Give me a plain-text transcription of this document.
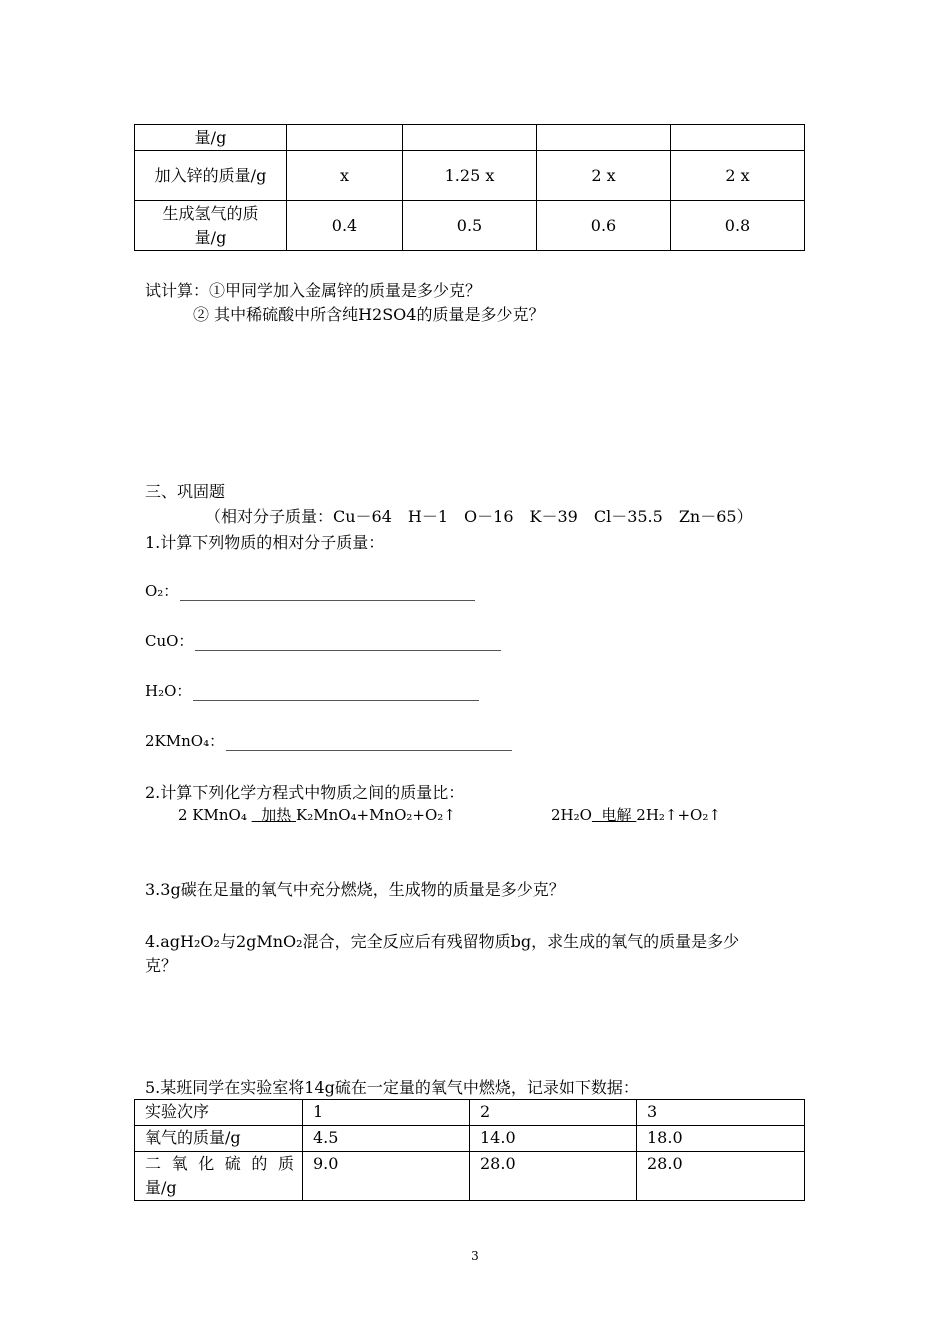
量/g				
加入锌的质量/g	x	1.25 x	2 x	2 x
生成氢气的质量/g	0.4	0.5	0.6	0.8
试计算：①甲同学加入金属锌的质量是多少克？
② 其中稀硫酸中所含纯H2SO4的质量是多少克？
三、巩固题
（相对分子质量：Cu－64　H－1　O－16　K－39　Cl－35.5　Zn－65）
1.计算下列物质的相对分子质量：
O₂：
CuO：
H₂O：
2KMnO₄：
2.计算下列化学方程式中物质之间的质量比：
2 KMnO₄ 加热 K₂MnO₄+MnO₂+O₂↑	2H₂O 电解 2H₂↑+O₂↑
3.3g碳在足量的氧气中充分燃烧，生成物的质量是多少克？
4.agH₂O₂与2gMnO₂混合，完全反应后有残留物质bg，求生成的氧气的质量是多少
克？
5.某班同学在实验室将14g硫在一定量的氧气中燃烧，记录如下数据：
实验次序	1	2	3
氧气的质量/g	4.5	14.0	18.0

二氧化硫的质
量/g	9.0	28.0	28.0
3
